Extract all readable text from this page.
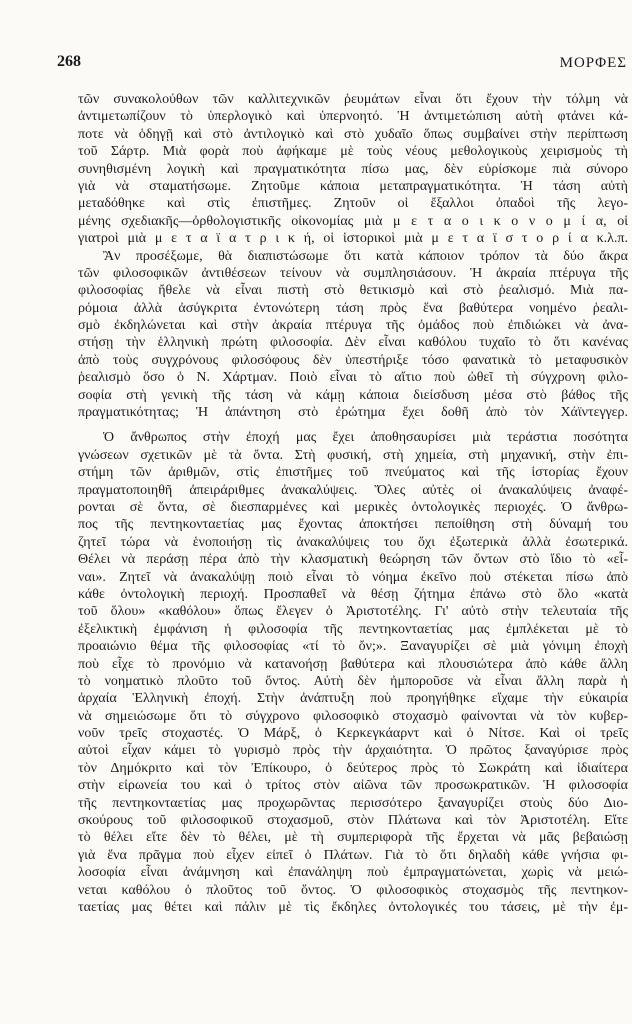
268	ΜΟΡΦΕΣ
τῶν συνακολούθων τῶν καλλιτεχνικῶν ῥευμάτων εἶναι ὅτι ἔχουν τὴν τόλμη νὰ
ἀντιμετωπίζουν τὸ ὑπερλογικὸ καὶ ὑπερνοητό. Ἡ ἀντιμετώπιση αὐτὴ φτάνει κά-
ποτε νὰ ὁδηγῇ καὶ στὸ ἀντιλογικὸ καὶ στὸ χυδαῖο ὅπως συμβαίνει στὴν περίπτωση
τοῦ Σάρτρ. Μιὰ φορὰ ποὺ ἀφήκαμε μὲ τοὺς νέους μεθολογικοὺς χειρισμοὺς τὴ
συνηθισμένη λογικὴ καὶ πραγματικότητα πίσω μας, δὲν εὑρίσκομε πιὰ σύνορο
γιὰ νὰ σταματήσωμε. Ζητοῦμε κάποια μεταπραγματικότητα. Ἡ τάση αὐτὴ
μεταδόθηκε καὶ στὶς ἐπιστῆμες. Ζητοῦν οἱ ἔξαλλοι ὀπαδοὶ τῆς λεγο-
μένης σχεδιακῆς—ὀρθολογιστικῆς οἰκονομίας μιὰ μ ε τ α ο ι κ ο ν ο μ ί α, οἱ
γιατροὶ μιὰ μ ε τ α ϊ α τ ρ ι κ ή, οἱ ἱστορικοὶ μιὰ μ ε τ α ϊ σ τ ο ρ ί α κ.λ.π.
Ἂν προσέξωμε, θὰ διαπιστώσωμε ὅτι κατὰ κάποιον τρόπον τὰ δύο ἄκρα
τῶν φιλοσοφικῶν ἀντιθέσεων τείνουν νὰ συμπλησιάσουν. Ἡ ἀκραία πτέρυγα τῆς
φιλοσοφίας ἤθελε νὰ εἶναι πιστὴ στὸ θετικισμὸ καὶ στὸ ῥεαλισμό. Μιὰ πα-
ρόμοια ἀλλὰ ἀσύγκριτα ἐντονώτερη τάση πρὸς ἕνα βαθύτερα νοημένο ῥεαλι-
σμὸ ἐκδηλώνεται καὶ στὴν ἀκραία πτέρυγα τῆς ὁμάδος ποὺ ἐπιδιώκει νὰ ἀνα-
στήσῃ τὴν ἑλληνικὴ πρώτη φιλοσοφία. Δὲν εἶναι καθόλου τυχαῖο τὸ ὅτι κανένας
ἀπὸ τοὺς συγχρόνους φιλοσόφους δὲν ὑπεστήριξε τόσο φανατικὰ τὸ μεταφυσικὸν
ῥεαλισμὸ ὅσο ὁ Ν. Χάρτμαν. Ποιὸ εἶναι τὸ αἴτιο ποὺ ὠθεῖ τὴ σύγχρονη φιλο-
σοφία στὴ γενικὴ τῆς τάση νὰ κάμῃ κάποια διείσδυση μέσα στὸ βάθος τῆς
πραγματικότητας; Ἡ ἀπάντηση στὸ ἐρώτημα ἔχει δοθῆ ἀπὸ τὸν Χάϊντεγγερ.
Ὁ ἄνθρωπος στὴν ἐποχή μας ἔχει ἀποθησαυρίσει μιὰ τεράστια ποσότητα
γνώσεων σχετικῶν μὲ τὰ ὄντα. Στὴ φυσική, στὴ χημεία, στὴ μηχανική, στὴν ἐπι-
στήμη τῶν ἀριθμῶν, στὶς ἐπιστῆμες τοῦ πνεύματος καὶ τῆς ἱστορίας ἔχουν
πραγματοποιηθῆ ἀπειράριθμες ἀνακαλύψεις. Ὅλες αὐτὲς οἱ ἀνακαλύψεις ἀναφέ-
ρονται σὲ ὄντα, σὲ διεσπαρμένες καὶ μερικὲς ὀντολογικὲς περιοχές. Ὁ ἄνθρω-
πος τῆς πεντηκονταετίας μας ἔχοντας ἀποκτήσει πεποίθηση στὴ δύναμή του
ζητεῖ τώρα νὰ ἑνοποιήσῃ τὶς ἀνακαλύψεις του ὄχι ἐξωτερικὰ ἀλλὰ ἐσωτερικά.
Θέλει νὰ περάσῃ πέρα ἀπὸ τὴν κλασματικὴ θεώρηση τῶν ὄντων στὸ ἴδιο τὸ «εἶ-
ναι». Ζητεῖ νὰ ἀνακαλύψῃ ποιὸ εἶναι τὸ νόημα ἐκεῖνο ποὺ στέκεται πίσω ἀπὸ
κάθε ὀντολογικὴ περιοχή. Προσπαθεῖ νὰ θέσῃ ζήτημα ἐπάνω στὸ ὅλο «κατὰ
τοῦ ὅλου» «καθόλου» ὅπως ἔλεγεν ὁ Ἀριστοτέλης. Γι' αὐτὸ στὴν τελευταία τῆς
ἐξελικτικὴ ἐμφάνιση ἡ φιλοσοφία τῆς πεντηκονταετίας μας ἐμπλέκεται μὲ τὸ
προαιώνιο θέμα τῆς φιλοσοφίας «τί τὸ ὄν;». Ξαναγυρίζει σὲ μιὰ γόνιμη ἐποχὴ
ποὺ εἶχε τὸ προνόμιο νὰ κατανοήσῃ βαθύτερα καὶ πλουσιώτερα ἀπὸ κάθε ἄλλη
τὸ νοηματικὸ πλοῦτο τοῦ ὄντος. Αὐτὴ δὲν ἠμποροῦσε νὰ εἶναι ἄλλη παρὰ ἡ
ἀρχαία Ἑλληνικὴ ἐποχή. Στὴν ἀνάπτυξη ποὺ προηγήθηκε εἴχαμε τὴν εὐκαιρία
νὰ σημειώσωμε ὅτι τὸ σύγχρονο φιλοσοφικὸ στοχασμὸ φαίνονται νὰ τὸν κυβερ-
νοῦν τρεῖς στοχαστές. Ὁ Μάρξ, ὁ Κερκεγκάαρντ καὶ ὁ Νίτσε. Καὶ οἱ τρεῖς
αὐτοὶ εἶχαν κάμει τὸ γυρισμὸ πρὸς τὴν ἀρχαιότητα. Ὁ πρῶτος ξαναγύρισε πρὸς
τὸν Δημόκριτο καὶ τὸν Ἐπίκουρο, ὁ δεύτερος πρὸς τὸ Σωκράτη καὶ ἰδιαίτερα
στὴν εἰρωνεία του καὶ ὁ τρίτος στὸν αἰῶνα τῶν προσωκρατικῶν. Ἡ φιλοσοφία
τῆς πεντηκονταετίας μας προχωρῶντας περισσότερο ξαναγυρίζει στοὺς δύο Διο-
σκούρους τοῦ φιλοσοφικοῦ στοχασμοῦ, στὸν Πλάτωνα καὶ τὸν Ἀριστοτέλη. Εἴτε
τὸ θέλει εἴτε δὲν τὸ θέλει, μὲ τὴ συμπεριφορὰ τῆς ἔρχεται νὰ μᾶς βεβαιώσῃ
γιὰ ἕνα πρᾶγμα ποὺ εἶχεν εἰπεῖ ὁ Πλάτων. Γιὰ τὸ ὅτι δηλαδὴ κάθε γνήσια φι-
λοσοφία εἶναι ἀνάμνηση καὶ ἐπανάληψη ποὺ ἐμπραγματώνεται, χωρὶς νὰ μειώ-
νεται καθόλου ὁ πλοῦτος τοῦ ὄντος. Ὁ φιλοσοφικὸς στοχασμὸς τῆς πεντηκον-
ταετίας μας θέτει καὶ πάλιν μὲ τὶς ἔκδηλες ὀντολογικές του τάσεις, μὲ τὴν ἐμ-
